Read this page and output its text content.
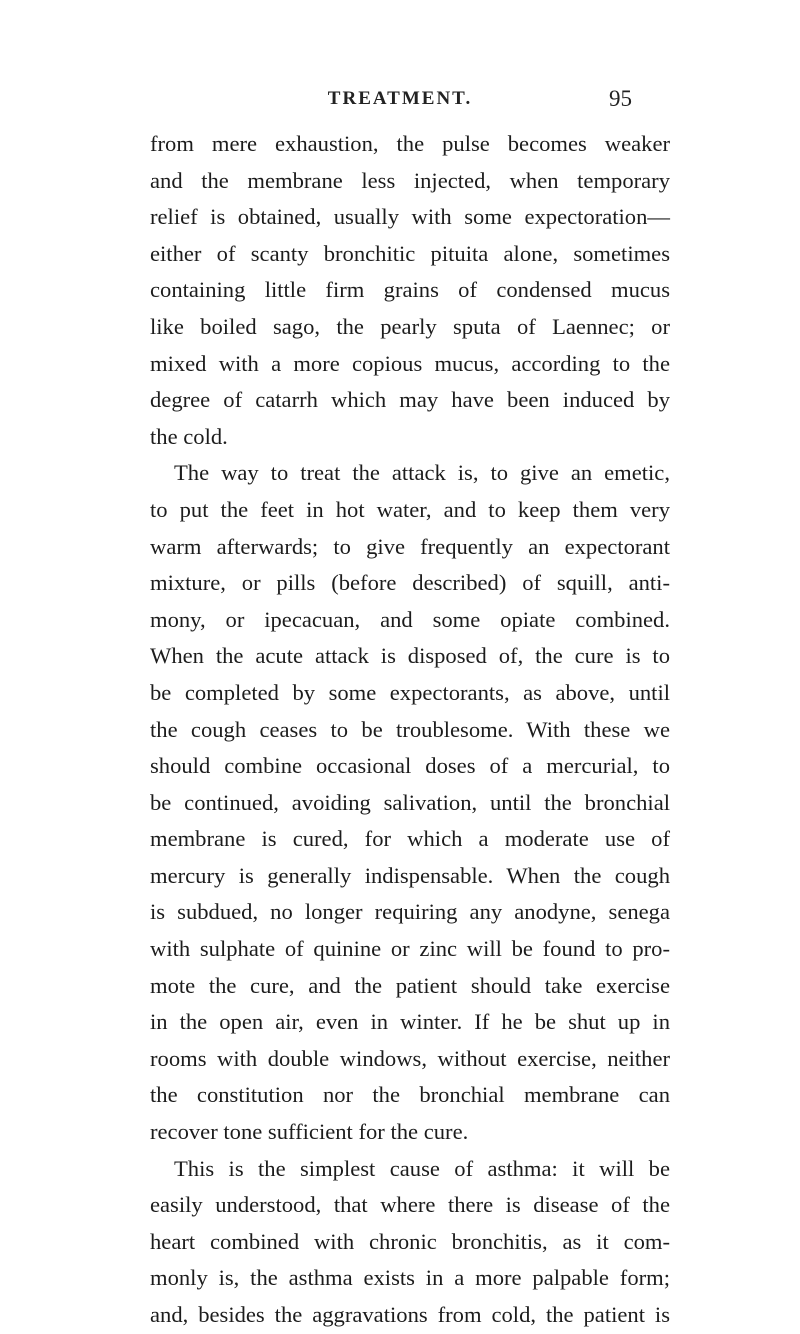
TREATMENT.	95
from mere exhaustion, the pulse becomes weaker
and the membrane less injected, when temporary
relief is obtained, usually with some expectoration—
either of scanty bronchitic pituita alone, sometimes
containing little firm grains of condensed mucus
like boiled sago, the pearly sputa of Laennec; or
mixed with a more copious mucus, according to the
degree of catarrh which may have been induced by
the cold.
The way to treat the attack is, to give an emetic,
to put the feet in hot water, and to keep them very
warm afterwards; to give frequently an expectorant
mixture, or pills (before described) of squill, anti-
mony, or ipecacuan, and some opiate combined.
When the acute attack is disposed of, the cure is to
be completed by some expectorants, as above, until
the cough ceases to be troublesome. With these we
should combine occasional doses of a mercurial, to
be continued, avoiding salivation, until the bronchial
membrane is cured, for which a moderate use of
mercury is generally indispensable. When the cough
is subdued, no longer requiring any anodyne, senega
with sulphate of quinine or zinc will be found to pro-
mote the cure, and the patient should take exercise
in the open air, even in winter. If he be shut up in
rooms with double windows, without exercise, neither
the constitution nor the bronchial membrane can
recover tone sufficient for the cure.
This is the simplest cause of asthma: it will be
easily understood, that where there is disease of the
heart combined with chronic bronchitis, as it com-
monly is, the asthma exists in a more palpable form;
and, besides the aggravations from cold, the patient is
